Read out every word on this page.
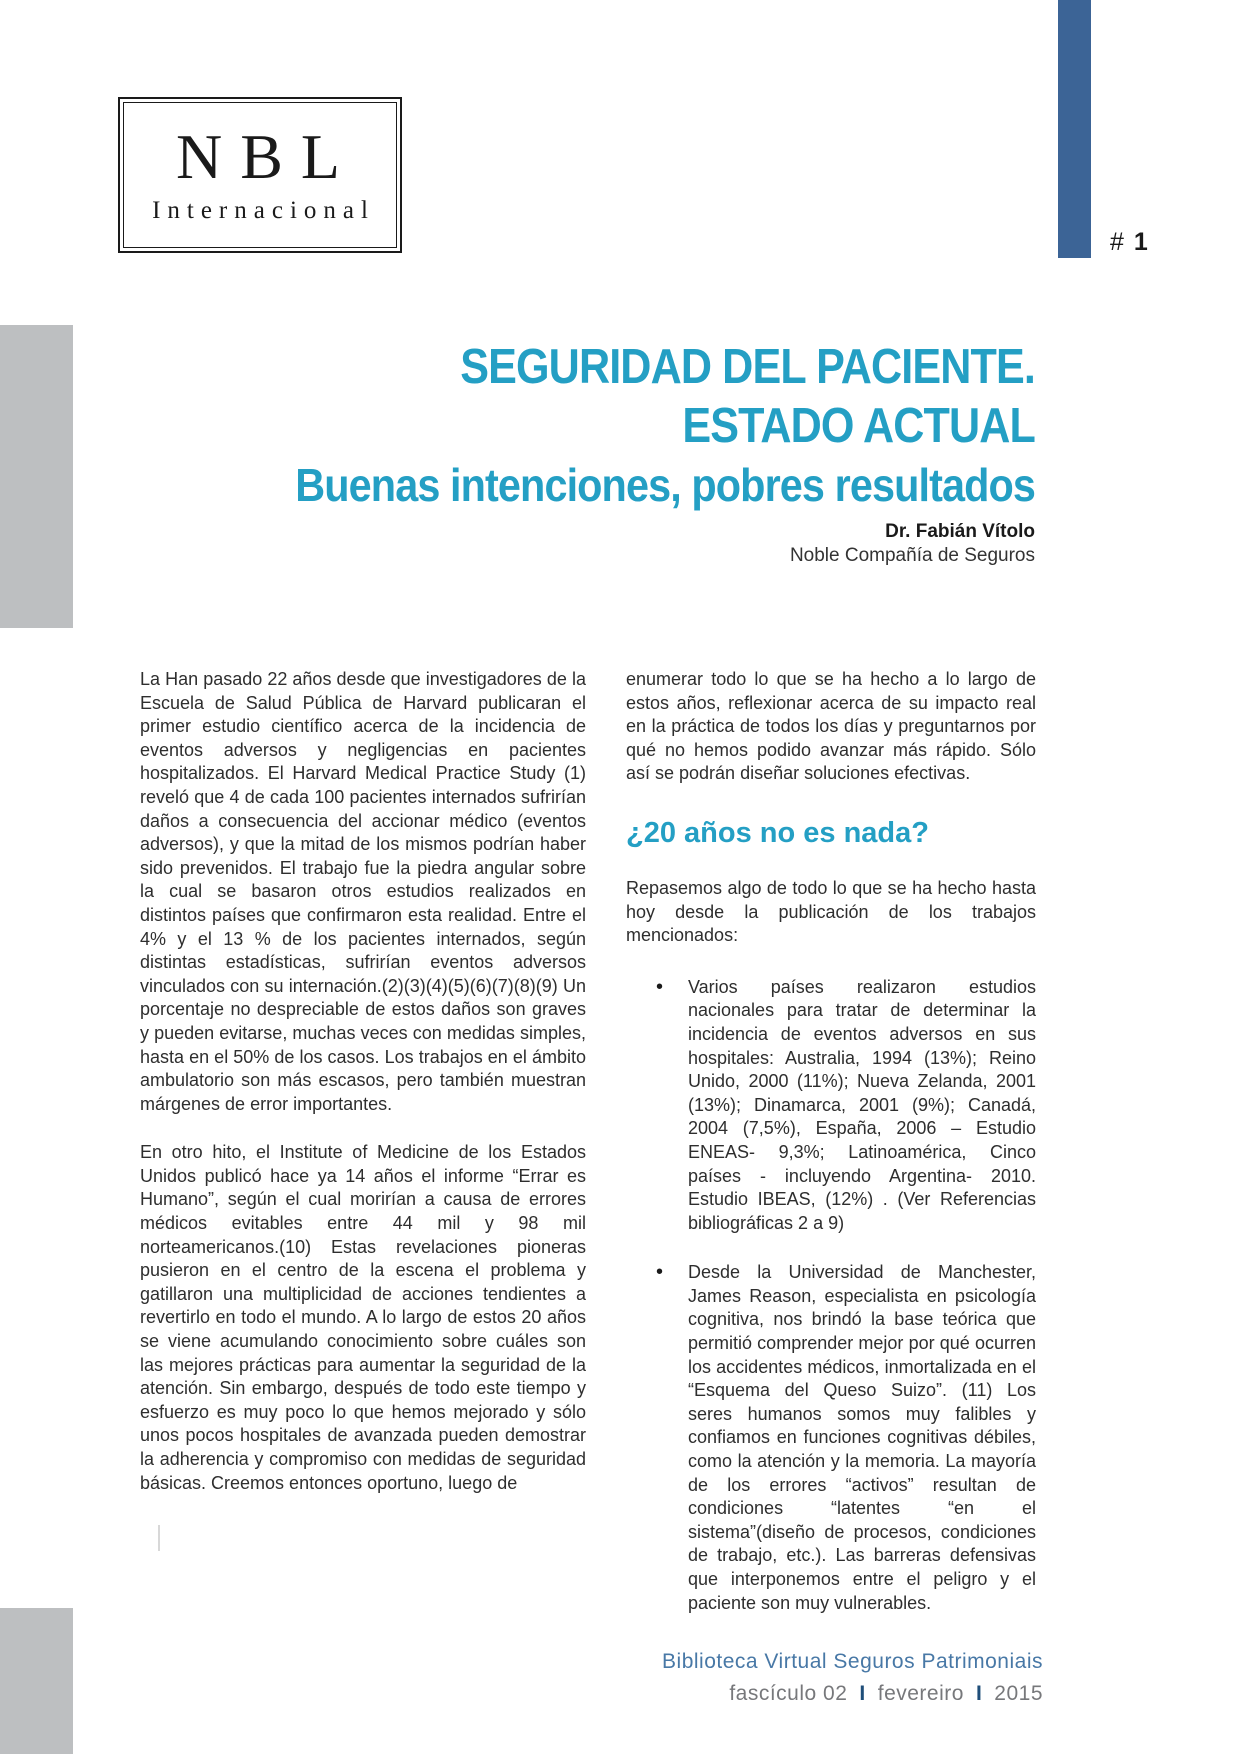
# 1
NBL
Internacional
SEGURIDAD DEL PACIENTE.
ESTADO ACTUAL
Buenas intenciones, pobres resultados
Dr. Fabián Vítolo
Noble Compañía de Seguros

La Han pasado 22 años desde que investigadores de la Escuela de Salud Pública de Harvard publicaran el primer estudio científico acerca de la incidencia de eventos adversos y negligencias en pacientes hospitalizados. El Harvard Medical Practice Study (1) reveló que 4 de cada 100 pacientes internados sufrirían daños a consecuencia del accionar médico (eventos adversos), y que la mitad de los mismos podrían haber sido prevenidos. El trabajo fue la piedra angular sobre la cual se basaron otros estudios realizados en distintos países que confirmaron esta realidad. Entre el 4% y el 13 % de los pacientes internados, según distintas estadísticas, sufrirían eventos adversos vinculados con su internación.(2)(3)(4)(5)(6)(7)(8)(9) Un porcentaje no despreciable de estos daños son graves y pueden evitarse, muchas veces con medidas simples, hasta en el 50% de los casos. Los trabajos en el ámbito ambulatorio son más escasos, pero también muestran márgenes de error importantes.

En otro hito, el Institute of Medicine de los Estados Unidos publicó hace ya 14 años el informe “Errar es Humano”, según el cual morirían a causa de errores médicos evitables entre 44 mil y 98 mil norteamericanos.(10) Estas revelaciones pioneras pusieron en el centro de la escena el problema y gatillaron una multiplicidad de acciones tendientes a revertirlo en todo el mundo. A lo largo de estos 20 años se viene acumulando conocimiento sobre cuáles son las mejores prácticas para aumentar la seguridad de la atención. Sin embargo, después de todo este tiempo y esfuerzo es muy poco lo que hemos mejorado y sólo unos pocos hospitales de avanzada pueden demostrar la adherencia y compromiso con medidas de seguridad básicas. Creemos entonces oportuno, luego de

enumerar todo lo que se ha hecho a lo largo de estos años, reflexionar acerca de su impacto real en la práctica de todos los días y preguntarnos por qué no hemos podido avanzar más rápido. Sólo así se podrán diseñar soluciones efectivas.

¿20 años no es nada?

Repasemos algo de todo lo que se ha hecho hasta hoy desde la publicación de los trabajos mencionados:

• Varios países realizaron estudios nacionales para tratar de determinar la incidencia de eventos adversos en sus hospitales: Australia, 1994 (13%); Reino Unido, 2000 (11%); Nueva Zelanda, 2001 (13%); Dinamarca, 2001 (9%); Canadá, 2004 (7,5%), España, 2006 – Estudio ENEAS- 9,3%; Latinoamérica, Cinco países - incluyendo Argentina- 2010. Estudio IBEAS, (12%) . (Ver Referencias bibliográficas 2 a 9)
• Desde la Universidad de Manchester, James Reason, especialista en psicología cognitiva, nos brindó la base teórica que permitió comprender mejor por qué ocurren los accidentes médicos, inmortalizada en el “Esquema del Queso Suizo”. (11) Los seres humanos somos muy falibles y confiamos en funciones cognitivas débiles, como la atención y la memoria. La mayoría de los errores “activos” resultan de condiciones “latentes “en el sistema”(diseño de procesos, condiciones de trabajo, etc.). Las barreras defensivas que interponemos entre el peligro y el paciente son muy vulnerables.
Biblioteca Virtual Seguros Patrimoniais
fascículo 02 I fevereiro I 2015
